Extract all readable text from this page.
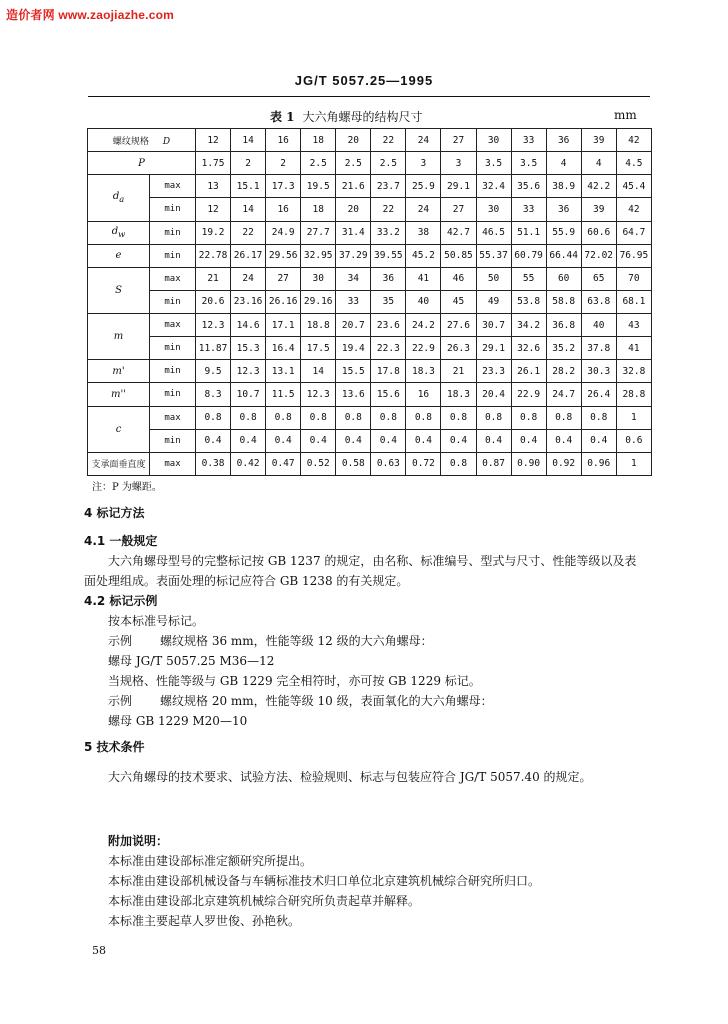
造价者网 www.zaojiazhe.com
JG/T 5057.25—1995
表 1 大六角螺母的结构尺寸	mm
螺纹规格 D		12	14	16	18	20	22	24	27	30	33	36	39	42
P		1.75	2	2	2.5	2.5	2.5	3	3	3.5	3.5	4	4	4.5
$d_a$	max	13	15.1	17.3	19.5	21.6	23.7	25.9	29.1	32.4	35.6	38.9	42.2	45.4
	min	12	14	16	18	20	22	24	27	30	33	36	39	42
$d_w$	min	19.2	22	24.9	27.7	31.4	33.2	38	42.7	46.5	51.1	55.9	60.6	64.7
e	min	22.78	26.17	29.56	32.95	37.29	39.55	45.2	50.85	55.37	60.79	66.44	72.02	76.95
S	max	21	24	27	30	34	36	41	46	50	55	60	65	70
	min	20.6	23.16	26.16	29.16	33	35	40	45	49	53.8	58.8	63.8	68.1
m	max	12.3	14.6	17.1	18.8	20.7	23.6	24.2	27.6	30.7	34.2	36.8	40	43
	min	11.87	15.3	16.4	17.5	19.4	22.3	22.9	26.3	29.1	32.6	35.2	37.8	41
m'	min	9.5	12.3	13.1	14	15.5	17.8	18.3	21	23.3	26.1	28.2	30.3	32.8
m''	min	8.3	10.7	11.5	12.3	13.6	15.6	16	18.3	20.4	22.9	24.7	26.4	28.8
c	max	0.8	0.8	0.8	0.8	0.8	0.8	0.8	0.8	0.8	0.8	0.8	0.8	1
	min	0.4	0.4	0.4	0.4	0.4	0.4	0.4	0.4	0.4	0.4	0.4	0.4	0.6
支承面垂直度	max	0.38	0.42	0.47	0.52	0.58	0.63	0.72	0.8	0.87	0.90	0.92	0.96	1
注：P 为螺距。
4 标记方法
4.1 一般规定
大六角螺母型号的完整标记按 GB 1237 的规定，由名称、标准编号、型式与尺寸、性能等级以及表
面处理组成。表面处理的标记应符合 GB 1238 的有关规定。
4.2 标记示例
按本标准号标记。
示例 螺纹规格 36 mm，性能等级 12 级的大六角螺母：
螺母 JG/T 5057.25 M36—12
当规格、性能等级与 GB 1229 完全相符时，亦可按 GB 1229 标记。
示例 螺纹规格 20 mm，性能等级 10 级，表面氧化的大六角螺母：
螺母 GB 1229 M20—10
5 技术条件
大六角螺母的技术要求、试验方法、检验规则、标志与包装应符合 JG/T 5057.40 的规定。
附加说明：
本标准由建设部标准定额研究所提出。
本标准由建设部机械设备与车辆标准技术归口单位北京建筑机械综合研究所归口。
本标准由建设部北京建筑机械综合研究所负责起草并解释。
本标准主要起草人罗世俊、孙艳秋。
58
